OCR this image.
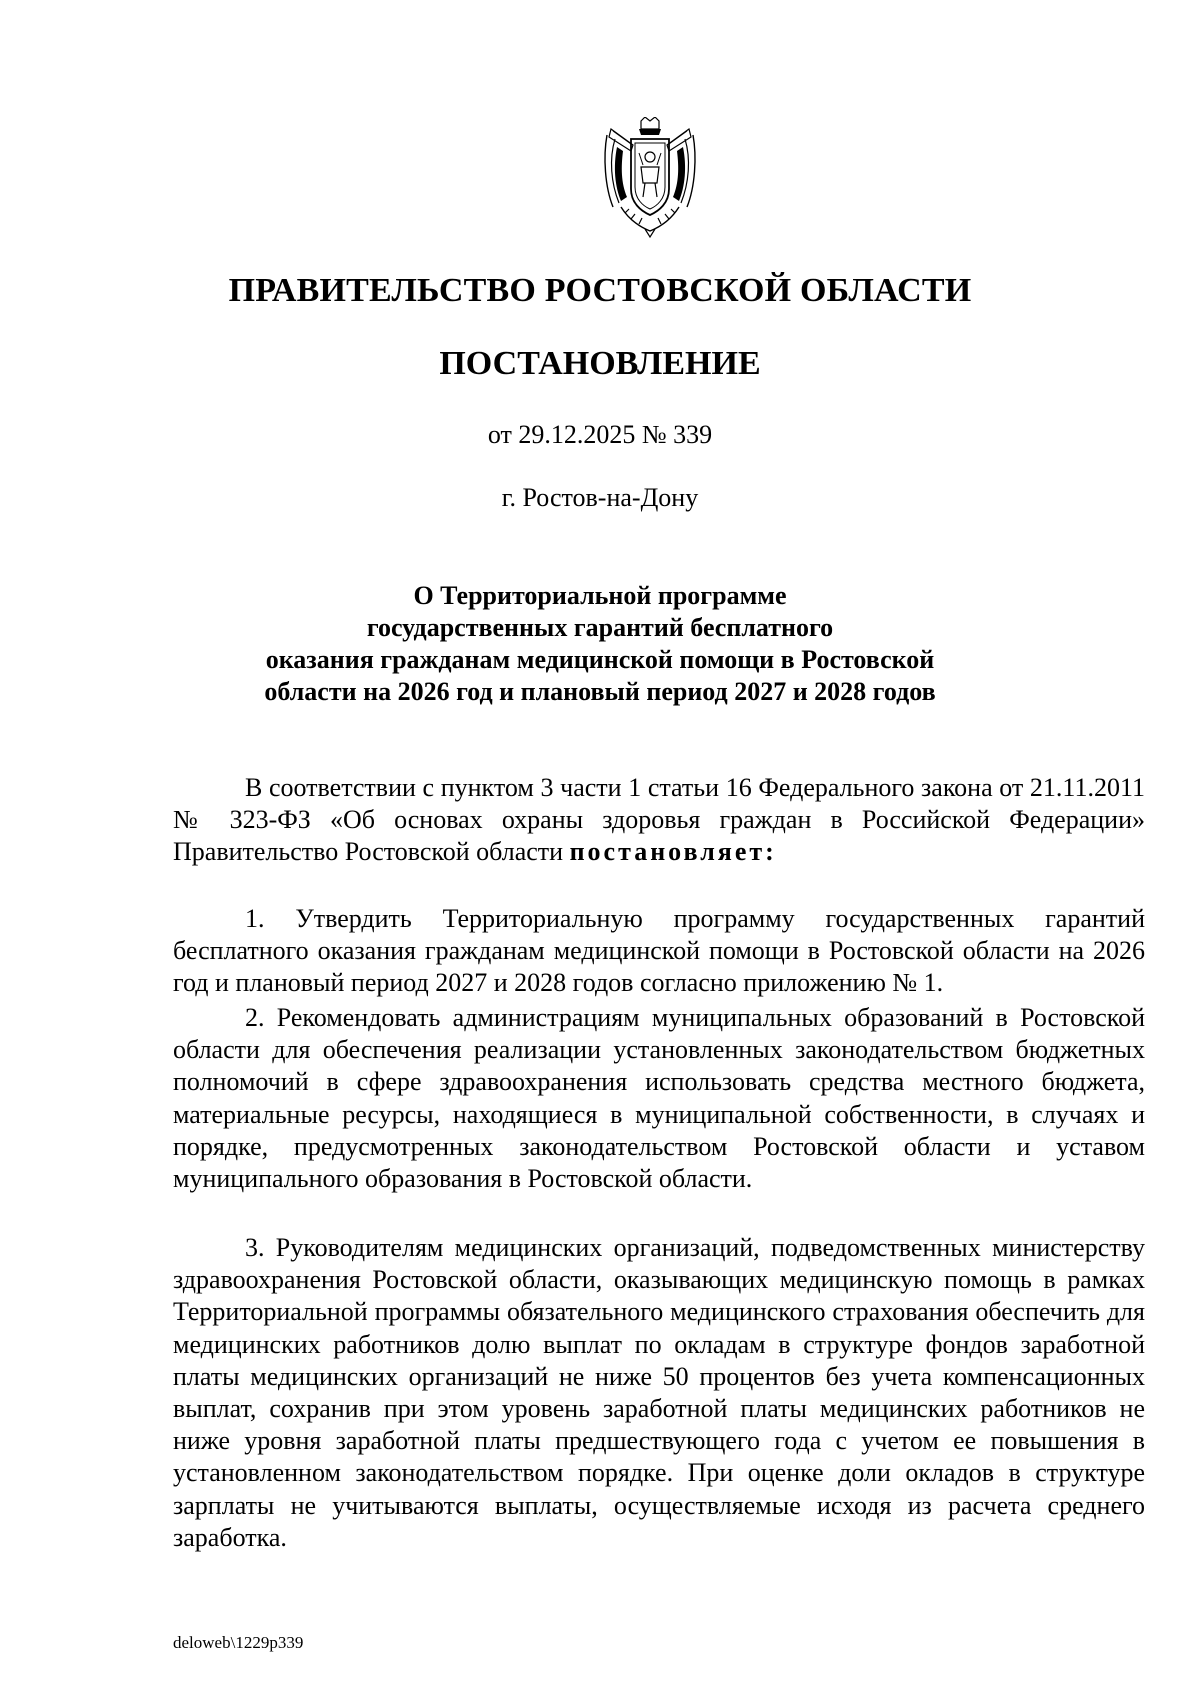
ПРАВИТЕЛЬСТВО РОСТОВСКОЙ ОБЛАСТИ
ПОСТАНОВЛЕНИЕ
от 29.12.2025 № 339
г. Ростов-на-Дону
О Территориальной программе
государственных гарантий бесплатного
оказания гражданам медицинской помощи в Ростовской
области на 2026 год и плановый период 2027 и 2028 годов

В соответствии с пунктом 3 части 1 статьи 16 Федерального закона от 21.11.2011 № 323-ФЗ «Об основах охраны здоровья граждан в Российской Федерации» Правительство Ростовской области постановляет:

1. Утвердить Территориальную программу государственных гарантий бесплатного оказания гражданам медицинской помощи в Ростовской области на 2026 год и плановый период 2027 и 2028 годов согласно приложению № 1.

2. Рекомендовать администрациям муниципальных образований в Ростовской области для обеспечения реализации установленных законодательством бюджетных полномочий в сфере здравоохранения использовать средства местного бюджета, материальные ресурсы, находящиеся в муниципальной собственности, в случаях и порядке, предусмотренных законодательством Ростовской области и уставом муниципального образования в Ростовской области.

3. Руководителям медицинских организаций, подведомственных министерству здравоохранения Ростовской области, оказывающих медицинскую помощь в рамках Территориальной программы обязательного медицинского страхования обеспечить для медицинских работников долю выплат по окладам в структуре фондов заработной платы медицинских организаций не ниже 50 процентов без учета компенсационных выплат, сохранив при этом уровень заработной платы медицинских работников не ниже уровня заработной платы предшествующего года с учетом ее повышения в установленном законодательством порядке. При оценке доли окладов в структуре зарплаты не учитываются выплаты, осуществляемые исходя из расчета среднего заработка.

deloweb\1229p339
